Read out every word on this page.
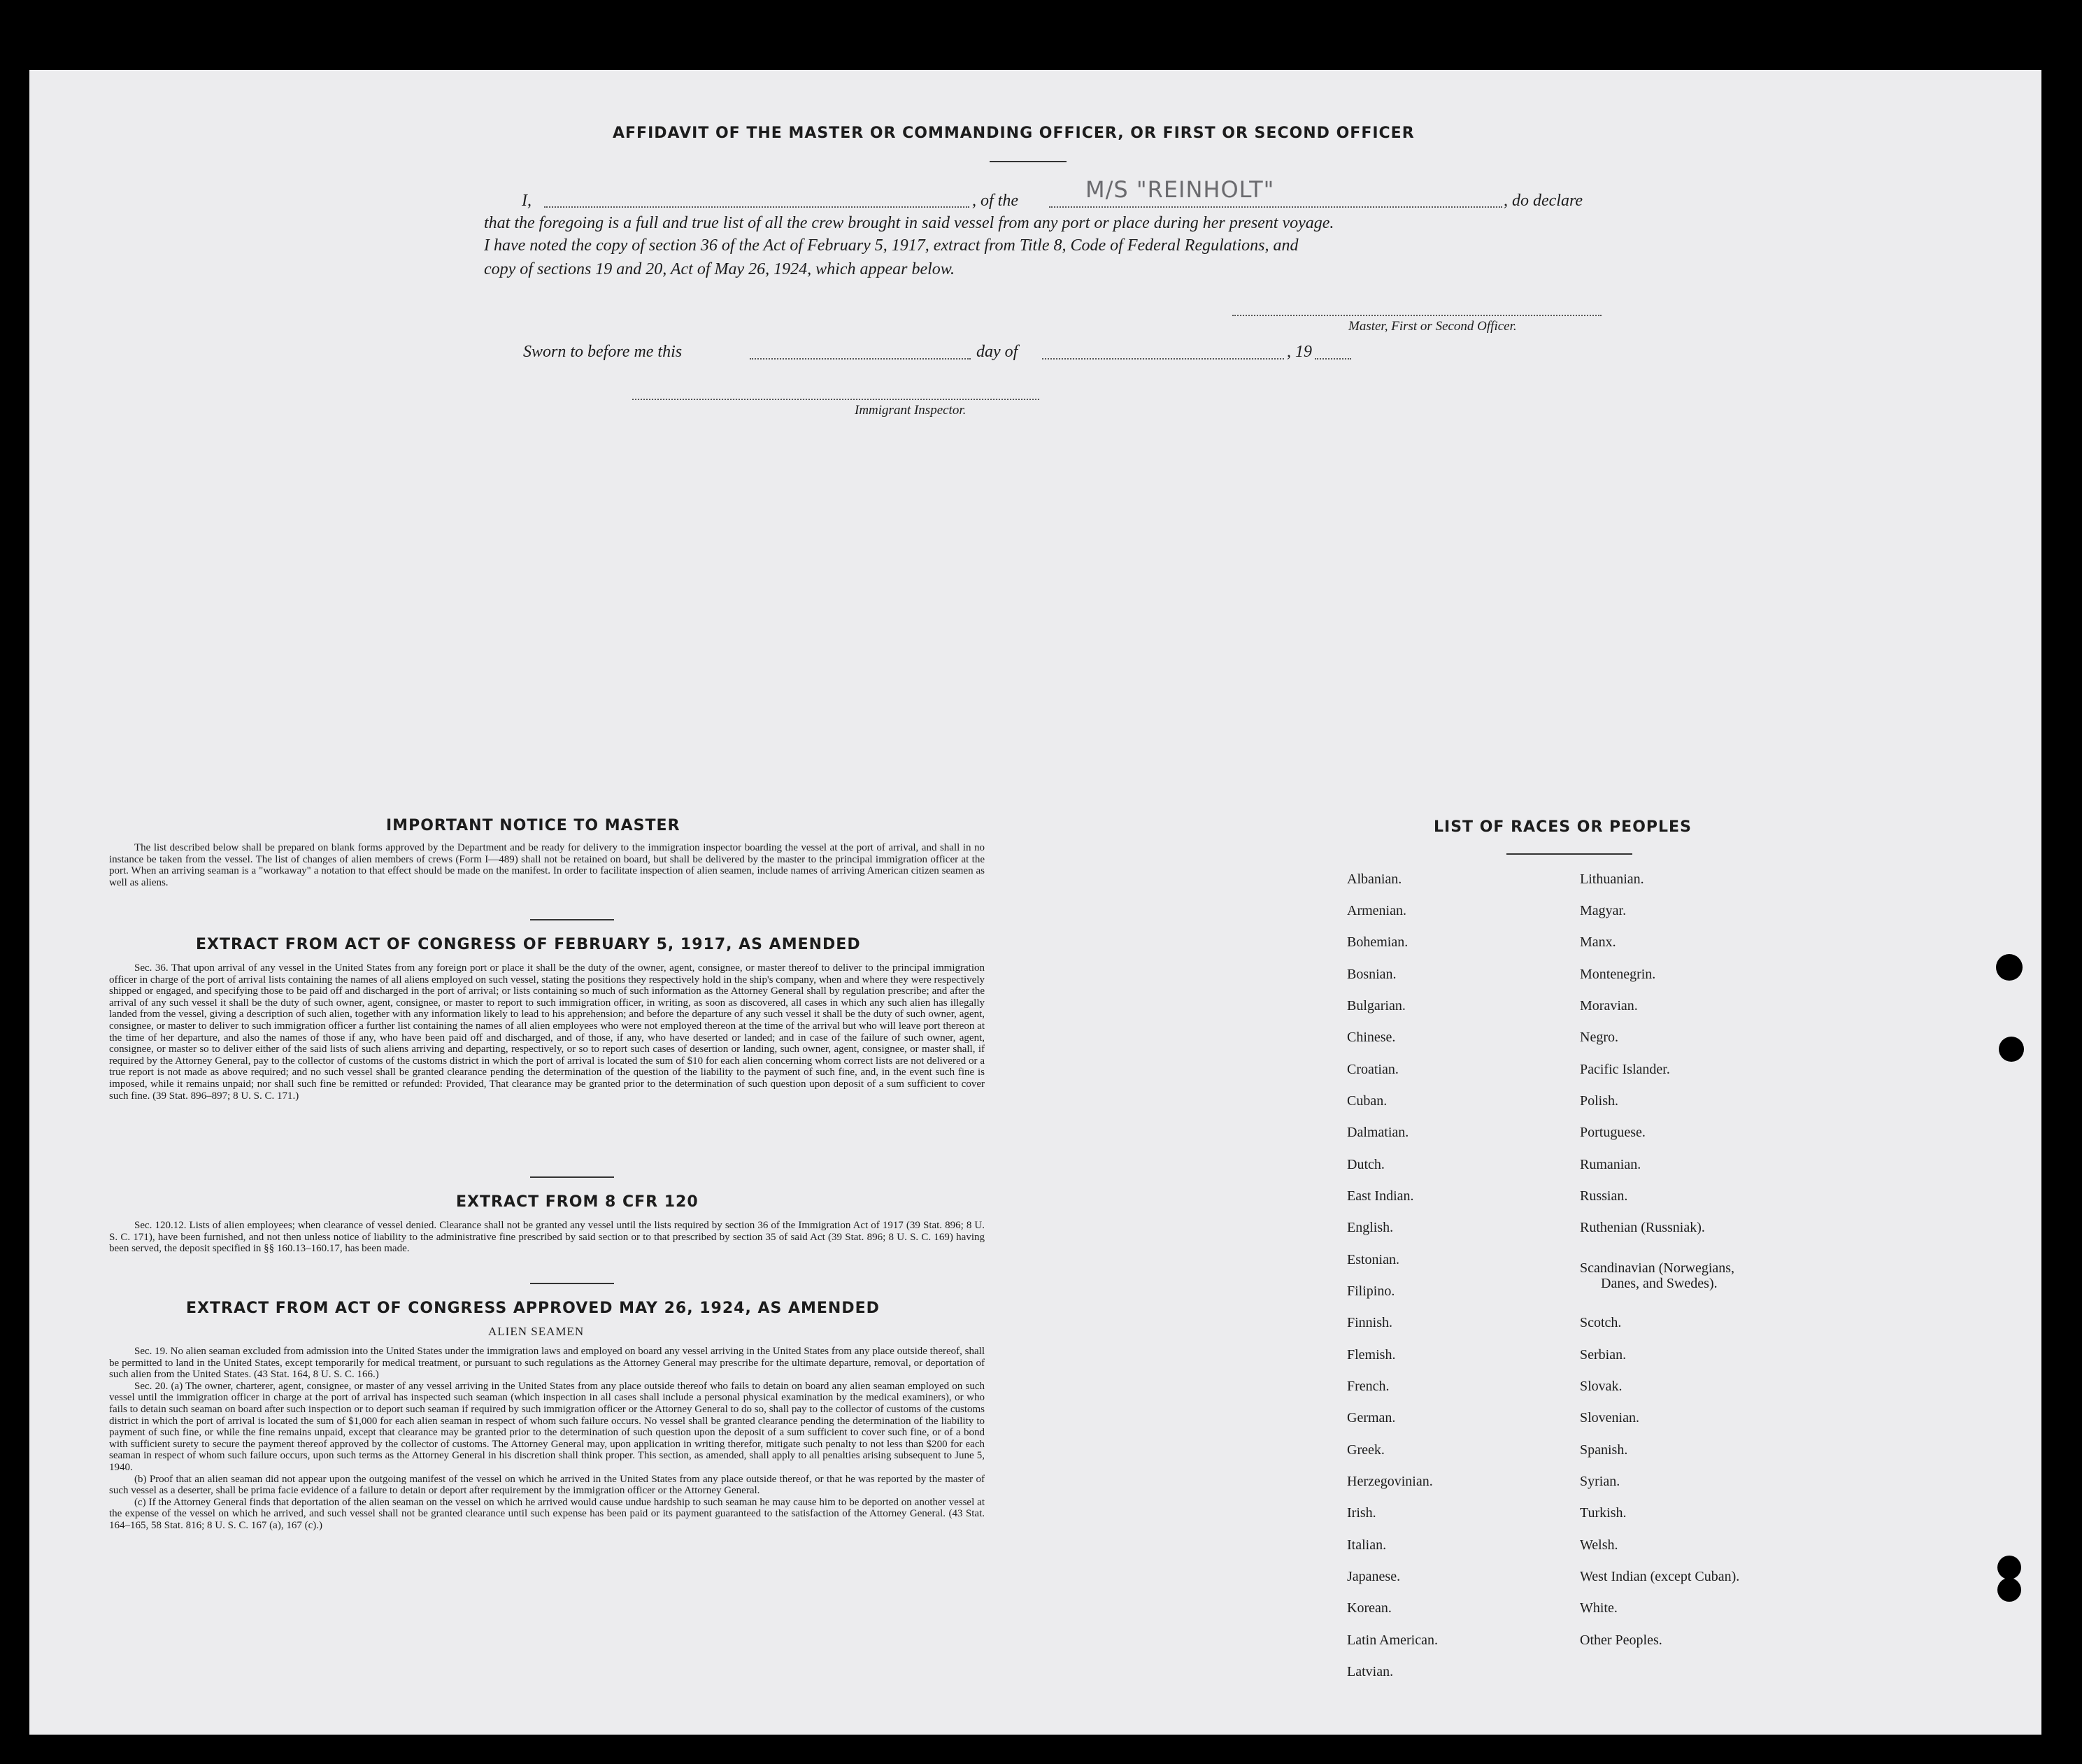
AFFIDAVIT OF THE MASTER OR COMMANDING OFFICER, OR FIRST OR SECOND OFFICER
I,	, of the	M/S "REINHOLT"	, do declare
that the foregoing is a full and true list of all the crew brought in said vessel from any port or place during her present voyage.
I have noted the copy of section 36 of the Act of February 5, 1917, extract from Title 8, Code of Federal Regulations, and
copy of sections 19 and 20, Act of May 26, 1924, which appear below.
Master, First or Second Officer.
Sworn to before me this	day of	, 19
Immigrant Inspector.
IMPORTANT NOTICE TO MASTER

The list described below shall be prepared on blank forms approved by the Department and be ready for delivery to the immigration inspector boarding the vessel at the port of arrival, and shall in no instance be taken from the vessel. The list of changes of alien members of crews (Form I—489) shall not be retained on board, but shall be delivered by the master to the principal immigration officer at the port. When an arriving seaman is a "workaway" a notation to that effect should be made on the manifest. In order to facilitate inspection of alien seamen, include names of arriving American citizen seamen as well as aliens.

EXTRACT FROM ACT OF CONGRESS OF FEBRUARY 5, 1917, AS AMENDED

Sec. 36. That upon arrival of any vessel in the United States from any foreign port or place it shall be the duty of the owner, agent, consignee, or master thereof to deliver to the principal immigration officer in charge of the port of arrival lists containing the names of all aliens employed on such vessel, stating the positions they respectively hold in the ship's company, when and where they were respectively shipped or engaged, and specifying those to be paid off and discharged in the port of arrival; or lists containing so much of such information as the Attorney General shall by regulation prescribe; and after the arrival of any such vessel it shall be the duty of such owner, agent, consignee, or master to report to such immigration officer, in writing, as soon as discovered, all cases in which any such alien has illegally landed from the vessel, giving a description of such alien, together with any information likely to lead to his apprehension; and before the departure of any such vessel it shall be the duty of such owner, agent, consignee, or master to deliver to such immigration officer a further list containing the names of all alien employees who were not employed thereon at the time of the arrival but who will leave port thereon at the time of her departure, and also the names of those if any, who have been paid off and discharged, and of those, if any, who have deserted or landed; and in case of the failure of such owner, agent, consignee, or master so to deliver either of the said lists of such aliens arriving and departing, respectively, or so to report such cases of desertion or landing, such owner, agent, consignee, or master shall, if required by the Attorney General, pay to the collector of customs of the customs district in which the port of arrival is located the sum of $10 for each alien concerning whom correct lists are not delivered or a true report is not made as above required; and no such vessel shall be granted clearance pending the determination of the question of the liability to the payment of such fine, and, in the event such fine is imposed, while it remains unpaid; nor shall such fine be remitted or refunded: Provided, That clearance may be granted prior to the determination of such question upon deposit of a sum sufficient to cover such fine. (39 Stat. 896–897; 8 U. S. C. 171.)

EXTRACT FROM 8 CFR 120

Sec. 120.12. Lists of alien employees; when clearance of vessel denied. Clearance shall not be granted any vessel until the lists required by section 36 of the Immigration Act of 1917 (39 Stat. 896; 8 U. S. C. 171), have been furnished, and not then unless notice of liability to the administrative fine prescribed by said section or to that prescribed by section 35 of said Act (39 Stat. 896; 8 U. S. C. 169) having been served, the deposit specified in §§ 160.13–160.17, has been made.

EXTRACT FROM ACT OF CONGRESS APPROVED MAY 26, 1924, AS AMENDED
ALIEN SEAMEN

Sec. 19. No alien seaman excluded from admission into the United States under the immigration laws and employed on board any vessel arriving in the United States from any place outside thereof, shall be permitted to land in the United States, except temporarily for medical treatment, or pursuant to such regulations as the Attorney General may prescribe for the ultimate departure, removal, or deportation of such alien from the United States. (43 Stat. 164, 8 U. S. C. 166.)

Sec. 20. (a) The owner, charterer, agent, consignee, or master of any vessel arriving in the United States from any place outside thereof who fails to detain on board any alien seaman employed on such vessel until the immigration officer in charge at the port of arrival has inspected such seaman (which inspection in all cases shall include a personal physical examination by the medical examiners), or who fails to detain such seaman on board after such inspection or to deport such seaman if required by such immigration officer or the Attorney General to do so, shall pay to the collector of customs of the customs district in which the port of arrival is located the sum of $1,000 for each alien seaman in respect of whom such failure occurs. No vessel shall be granted clearance pending the determination of the liability to payment of such fine, or while the fine remains unpaid, except that clearance may be granted prior to the determination of such question upon the deposit of a sum sufficient to cover such fine, or of a bond with sufficient surety to secure the payment thereof approved by the collector of customs. The Attorney General may, upon application in writing therefor, mitigate such penalty to not less than $200 for each seaman in respect of whom such failure occurs, upon such terms as the Attorney General in his discretion shall think proper. This section, as amended, shall apply to all penalties arising subsequent to June 5, 1940.

(b) Proof that an alien seaman did not appear upon the outgoing manifest of the vessel on which he arrived in the United States from any place outside thereof, or that he was reported by the master of such vessel as a deserter, shall be prima facie evidence of a failure to detain or deport after requirement by the immigration officer or the Attorney General.

(c) If the Attorney General finds that deportation of the alien seaman on the vessel on which he arrived would cause undue hardship to such seaman he may cause him to be deported on another vessel at the expense of the vessel on which he arrived, and such vessel shall not be granted clearance until such expense has been paid or its payment guaranteed to the satisfaction of the Attorney General. (43 Stat. 164–165, 58 Stat. 816; 8 U. S. C. 167 (a), 167 (c).)

LIST OF RACES OR PEOPLES
Albanian.
Armenian.
Bohemian.
Bosnian.
Bulgarian.
Chinese.
Croatian.
Cuban.
Dalmatian.
Dutch.
East Indian.
English.
Estonian.
Filipino.
Finnish.
Flemish.
French.
German.
Greek.
Herzegovinian.
Irish.
Italian.
Japanese.
Korean.
Latin American.
Latvian.
Lithuanian.
Magyar.
Manx.
Montenegrin.
Moravian.
Negro.
Pacific Islander.
Polish.
Portuguese.
Rumanian.
Russian.
Ruthenian (Russniak).
Scandinavian (Norwegians,
Danes, and Swedes).
Scotch.
Serbian.
Slovak.
Slovenian.
Spanish.
Syrian.
Turkish.
Welsh.
West Indian (except Cuban).
White.
Other Peoples.
